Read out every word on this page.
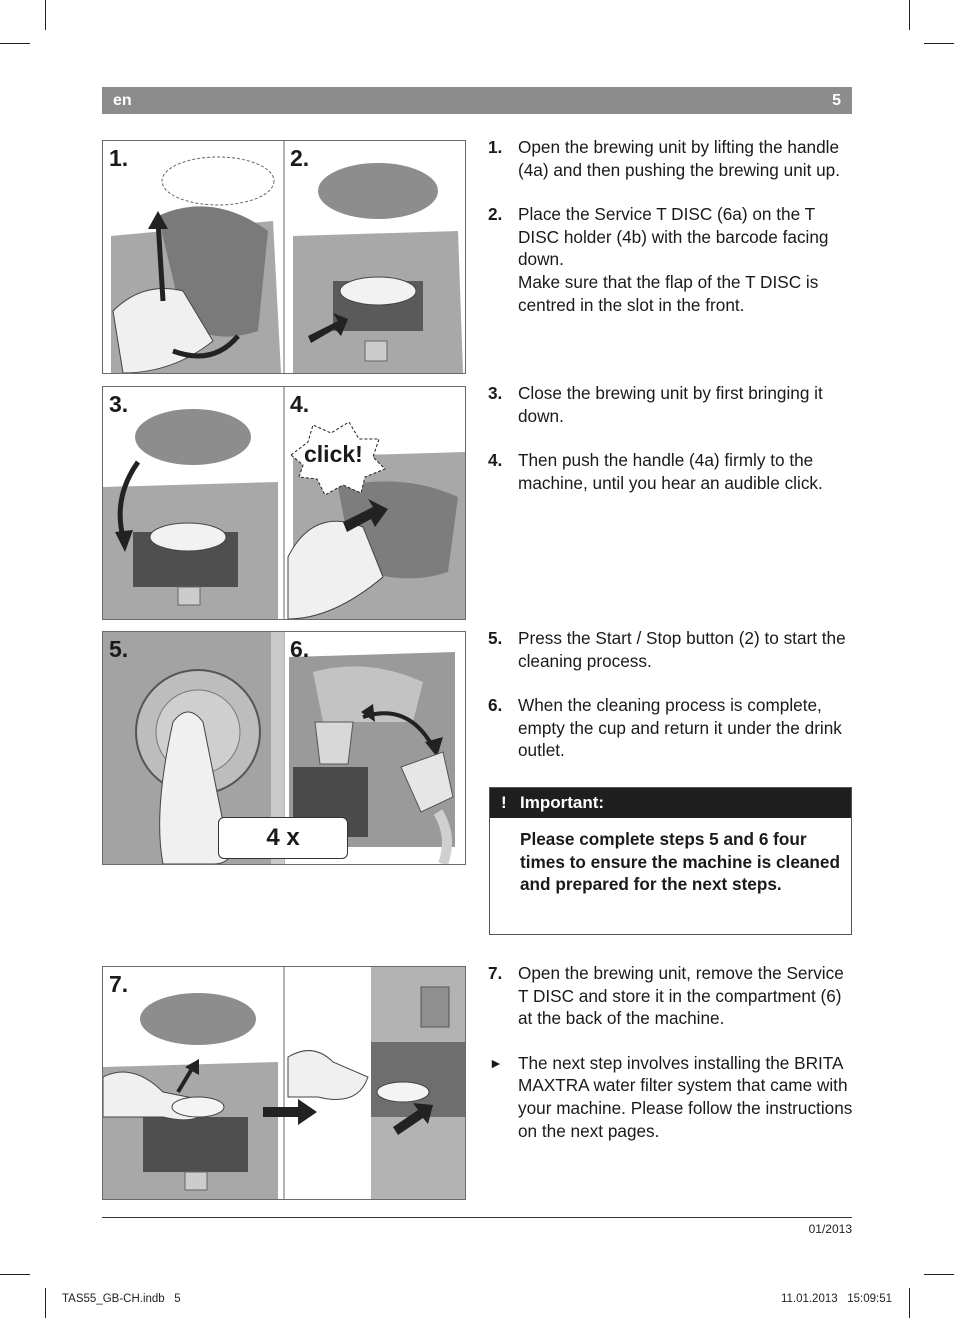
en	5
1.	2.
3.	4.
click!
5.	6.
4 x
7.
1. Open the brewing unit by lifting the handle (4a) and then pushing the brewing unit up.
2. Place the Service T DISC (6a) on the T DISC holder (4b) with the barcode facing down.
Make sure that the flap of the T DISC is centred in the slot in the front.
3. Close the brewing unit by first bringing it down.
4. Then push the handle (4a) firmly to the machine, until you hear an audible click.
5. Press the Start / Stop button (2) to start the cleaning process.
6. When the cleaning process is complete, empty the cup and return it under the drink outlet.
! Important:
Please complete steps 5 and 6 four times to ensure the machine is cleaned and prepared for the next steps.
7. Open the brewing unit, remove the Service T DISC and store it in the compartment (6) at the back of the machine.
► The next step involves installing the BRITA MAXTRA water filter system that came with your machine. Please follow the instructions on the next pages.
01/2013
TAS55_GB-CH.indb   5	11.01.2013   15:09:51
